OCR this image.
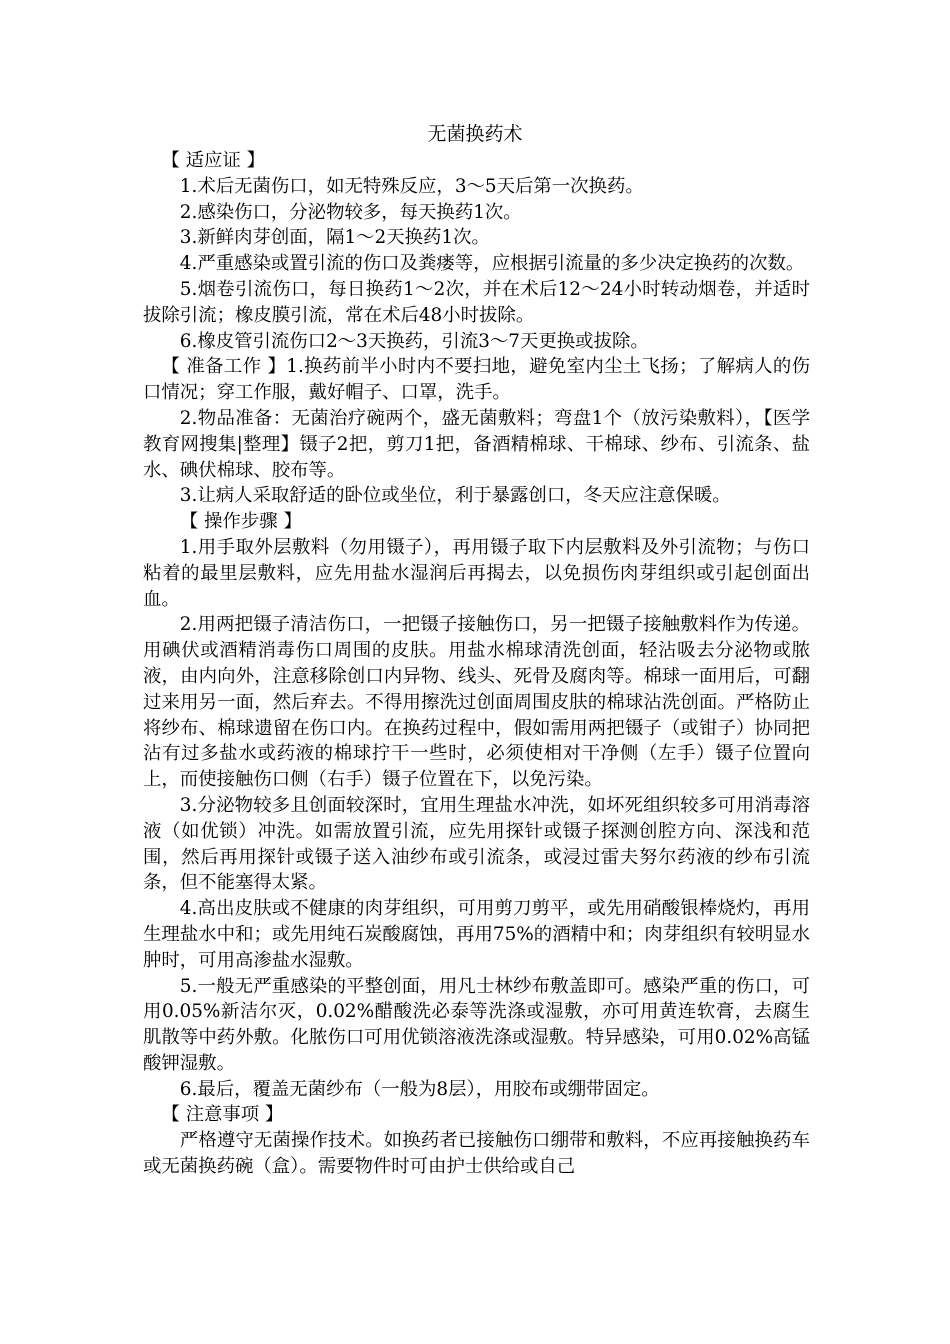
无菌换药术

【 适应证 】

1.术后无菌伤口，如无特殊反应，3～5天后第一次换药。

2.感染伤口，分泌物较多，每天换药1次。

3.新鲜肉芽创面，隔1～2天换药1次。

4.严重感染或置引流的伤口及粪瘘等，应根据引流量的多少决定换药的次数。

5.烟卷引流伤口，每日换药1～2次，并在术后12～24小时转动烟卷，并适时拔除引流；橡皮膜引流，常在术后48小时拔除。

6.橡皮管引流伤口2～3天换药，引流3～7天更换或拔除。

【 准备工作 】1.换药前半小时内不要扫地，避免室内尘土飞扬；了解病人的伤口情况；穿工作服，戴好帽子、口罩，洗手。

2.物品准备：无菌治疗碗两个，盛无菌敷料；弯盘1个（放污染敷料），【医学教育网搜集|整理】镊子2把，剪刀1把，备酒精棉球、干棉球、纱布、引流条、盐水、碘伏棉球、胶布等。

3.让病人采取舒适的卧位或坐位，利于暴露创口，冬天应注意保暖。

【 操作步骤 】

1.用手取外层敷料（勿用镊子），再用镊子取下内层敷料及外引流物；与伤口粘着的最里层敷料，应先用盐水湿润后再揭去，以免损伤肉芽组织或引起创面出血。

2.用两把镊子清洁伤口，一把镊子接触伤口，另一把镊子接触敷料作为传递。用碘伏或酒精消毒伤口周围的皮肤。用盐水棉球清洗创面，轻沾吸去分泌物或脓液，由内向外，注意移除创口内异物、线头、死骨及腐肉等。棉球一面用后，可翻过来用另一面，然后弃去。不得用擦洗过创面周围皮肤的棉球沾洗创面。严格防止将纱布、棉球遗留在伤口内。在换药过程中，假如需用两把镊子（或钳子）协同把沾有过多盐水或药液的棉球拧干一些时，必须使相对干净侧（左手）镊子位置向上，而使接触伤口侧（右手）镊子位置在下，以免污染。

3.分泌物较多且创面较深时，宜用生理盐水冲洗，如坏死组织较多可用消毒溶液（如优锁）冲洗。如需放置引流，应先用探针或镊子探测创腔方向、深浅和范围，然后再用探针或镊子送入油纱布或引流条，或浸过雷夫努尔药液的纱布引流条，但不能塞得太紧。

4.高出皮肤或不健康的肉芽组织，可用剪刀剪平，或先用硝酸银棒烧灼，再用生理盐水中和；或先用纯石炭酸腐蚀，再用75%的酒精中和；肉芽组织有较明显水肿时，可用高渗盐水湿敷。

5.一般无严重感染的平整创面，用凡士林纱布敷盖即可。感染严重的伤口，可用0.05%新洁尔灭，0.02%醋酸洗必泰等洗涤或湿敷，亦可用黄连软膏，去腐生肌散等中药外敷。化脓伤口可用优锁溶液洗涤或湿敷。特异感染，可用0.02%高锰酸钾湿敷。

6.最后，覆盖无菌纱布（一般为8层），用胶布或绷带固定。

【 注意事项 】

严格遵守无菌操作技术。如换药者已接触伤口绷带和敷料，不应再接触换药车或无菌换药碗（盒）。需要物件时可由护士供给或自己
